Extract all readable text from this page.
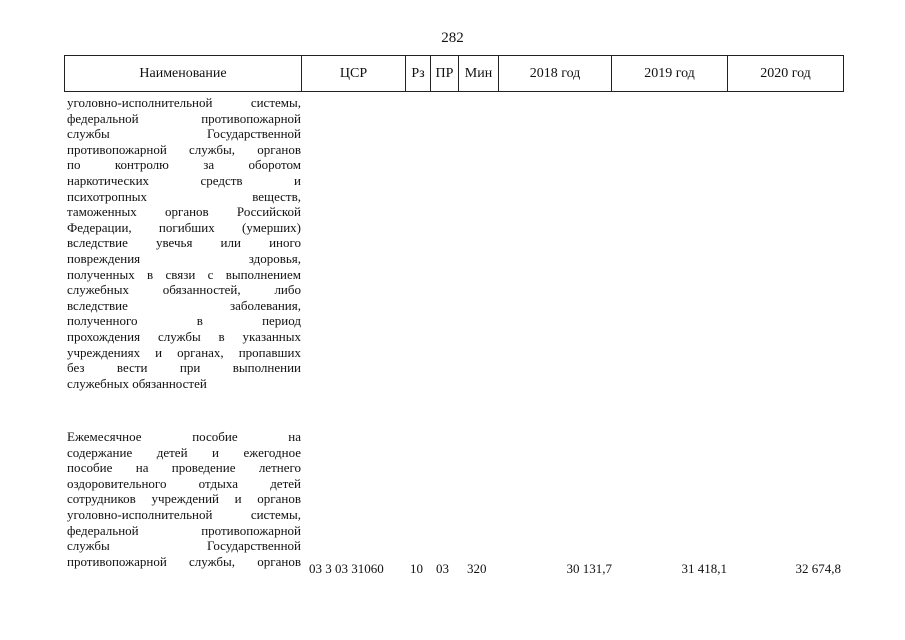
282
Наименование	ЦСР	Рз ПР Мин	2018 год	2019 год	2020 год
уголовно-исполнительной системы,
федеральной противопожарной
службы Государственной
противопожарной службы, органов
по контролю за оборотом
наркотических средств и
психотропных веществ,
таможенных органов Российской
Федерации, погибших (умерших)
вследствие увечья или иного
повреждения здоровья,
полученных в связи с выполнением
служебных обязанностей, либо
вследствие заболевания,
полученного в период
прохождения службы в указанных
учреждениях и органах, пропавших
без вести при выполнении
служебных обязанностей
Ежемесячное пособие на
содержание детей и ежегодное
пособие на проведение летнего
оздоровительного отдыха детей
сотрудников учреждений и органов
уголовно-исполнительной системы,
федеральной противопожарной
службы Государственной
противопожарной службы, органов 03 3 03 31060 10 03 320	30 131,7	31 418,1	32 674,8
